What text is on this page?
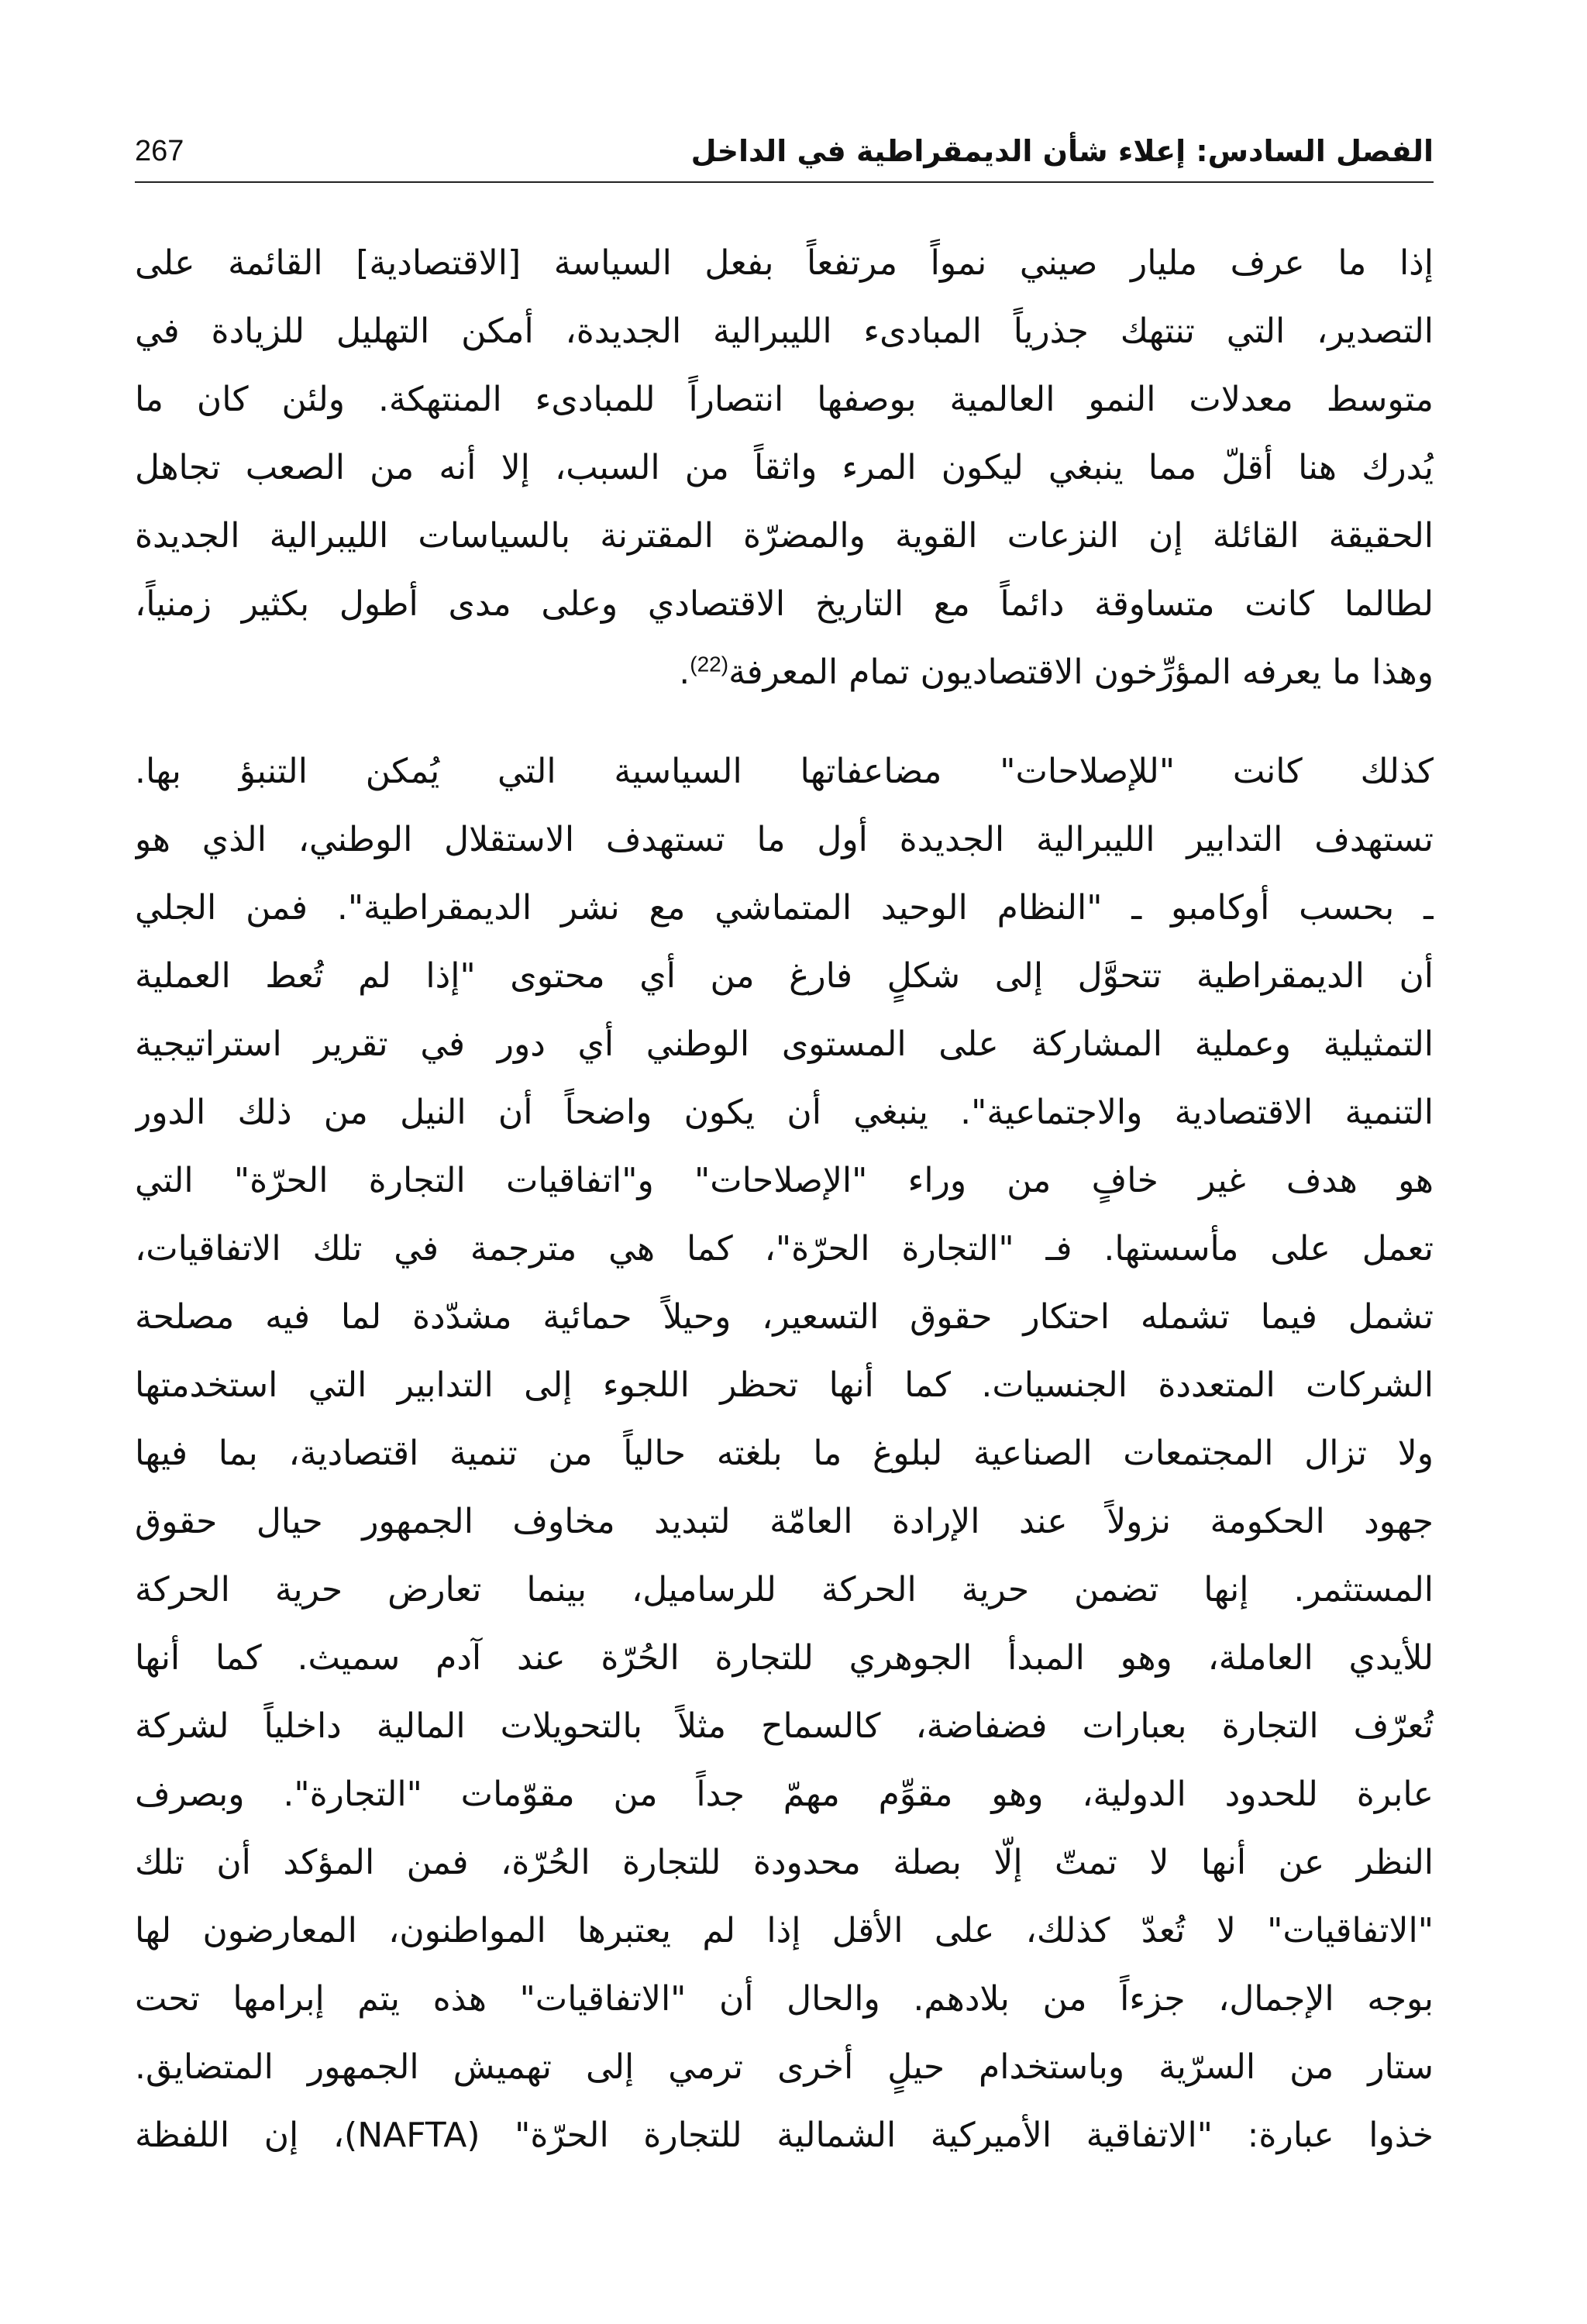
الفصل السادس: إعلاء شأن الديمقراطية في الداخل
267

إذا ما عرف مليار صيني نمواً مرتفعاً بفعل السياسة [الاقتصادية] القائمة على
التصدير، التي تنتهك جذرياً المبادىء الليبرالية الجديدة، أمكن التهليل للزيادة في
متوسط معدلات النمو العالمية بوصفها انتصاراً للمبادىء المنتهكة. ولئن كان ما
يُدرك هنا أقلّ مما ينبغي ليكون المرء واثقاً من السبب، إلا أنه من الصعب تجاهل
الحقيقة القائلة إن النزعات القوية والمضرّة المقترنة بالسياسات الليبرالية الجديدة
لطالما كانت متساوقة دائماً مع التاريخ الاقتصادي وعلى مدى أطول بكثير زمنياً،
وهذا ما يعرفه المؤرِّخون الاقتصاديون تمام المعرفة$^{(22)}$.

كذلك كانت "للإصلاحات" مضاعفاتها السياسية التي يُمكن التنبؤ بها.
تستهدف التدابير الليبرالية الجديدة أول ما تستهدف الاستقلال الوطني، الذي هو
ـ بحسب أوكامبو ـ "النظام الوحيد المتماشي مع نشر الديمقراطية". فمن الجلي
أن الديمقراطية تتحوَّل إلى شكلٍ فارغ من أي محتوى "إذا لم تُعط العملية
التمثيلية وعملية المشاركة على المستوى الوطني أي دور في تقرير استراتيجية
التنمية الاقتصادية والاجتماعية". ينبغي أن يكون واضحاً أن النيل من ذلك الدور
هو هدف غير خافٍ من وراء "الإصلاحات" و"اتفاقيات التجارة الحرّة" التي
تعمل على مأسستها. فـ "التجارة الحرّة"، كما هي مترجمة في تلك الاتفاقيات،
تشمل فيما تشمله احتكار حقوق التسعير، وحيلاً حمائية مشدّدة لما فيه مصلحة
الشركات المتعددة الجنسيات. كما أنها تحظر اللجوء إلى التدابير التي استخدمتها
ولا تزال المجتمعات الصناعية لبلوغ ما بلغته حالياً من تنمية اقتصادية، بما فيها
جهود الحكومة نزولاً عند الإرادة العامّة لتبديد مخاوف الجمهور حيال حقوق
المستثمر. إنها تضمن حرية الحركة للرساميل، بينما تعارض حرية الحركة
للأيدي العاملة، وهو المبدأ الجوهري للتجارة الحُرّة عند آدم سميث. كما أنها
تُعرّف التجارة بعبارات فضفاضة، كالسماح مثلاً بالتحويلات المالية داخلياً لشركة
عابرة للحدود الدولية، وهو مقوِّم مهمّ جداً من مقوّمات "التجارة". وبصرف
النظر عن أنها لا تمتّ إلّا بصلة محدودة للتجارة الحُرّة، فمن المؤكد أن تلك
"الاتفاقيات" لا تُعدّ كذلك، على الأقل إذا لم يعتبرها المواطنون، المعارضون لها
بوجه الإجمال، جزءاً من بلادهم. والحال أن "الاتفاقيات" هذه يتم إبرامها تحت
ستار من السرّية وباستخدام حيلٍ أخرى ترمي إلى تهميش الجمهور المتضايق.
خذوا عبارة: "الاتفاقية الأميركية الشمالية للتجارة الحرّة" (NAFTA)، إن اللفظة
